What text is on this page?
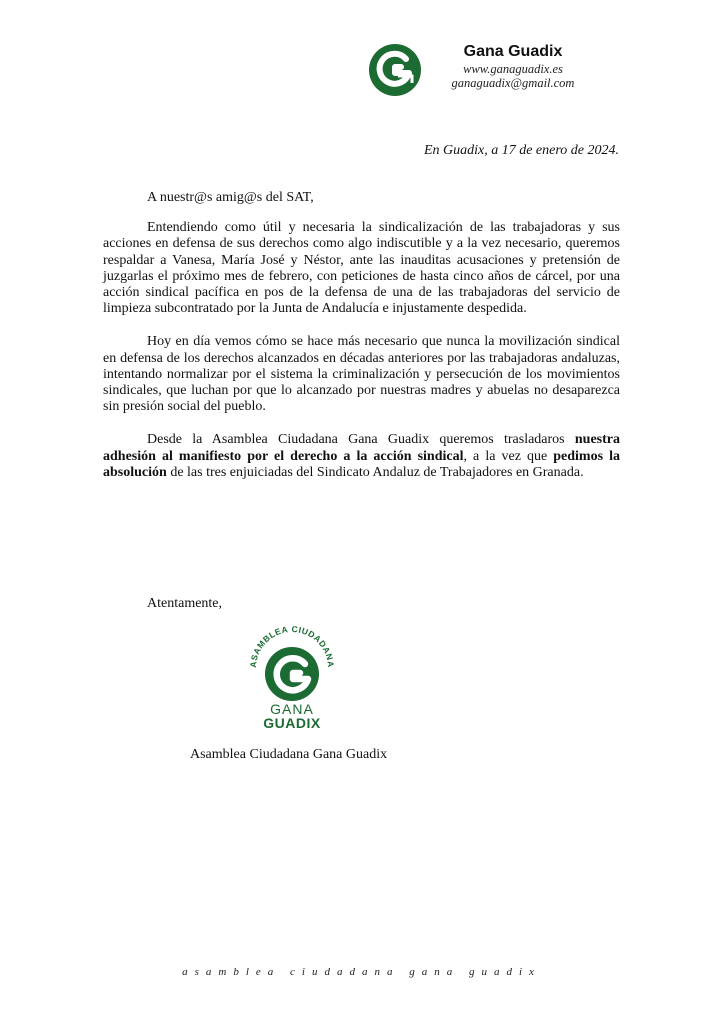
Gana Guadix
www.ganaguadix.es
ganaguadix@gmail.com
En Guadix, a 17 de enero de 2024.
A nuestr@s amig@s del SAT,

Entendiendo como útil y necesaria la sindicalización de las trabajadoras y sus acciones en defensa de sus derechos como algo indiscutible y a la vez necesario, queremos respaldar a Vanesa, María José y Néstor, ante las inauditas acusaciones y pretensión de juzgarlas el próximo mes de febrero, con peticiones de hasta cinco años de cárcel, por una acción sindical pacífica en pos de la defensa de una de las trabajadoras del servicio de limpieza subcontratado por la Junta de Andalucía e injustamente despedida.

Hoy en día vemos cómo se hace más necesario que nunca la movilización sindical en defensa de los derechos alcanzados en décadas anteriores por las trabajadoras andaluzas, intentando normalizar por el sistema la criminalización y persecución de los movimientos sindicales, que luchan por que lo alcanzado por nuestras madres y abuelas no desaparezca sin presión social del pueblo.

Desde la Asamblea Ciudadana Gana Guadix queremos trasladaros nuestra adhesión al manifiesto por el derecho a la acción sindical, a la vez que pedimos la absolución de las tres enjuiciadas del Sindicato Andaluz de Trabajadores en Granada.

Atentamente,
ASAMBLEA CIUDADANA
GANA
GUADIX
Asamblea Ciudadana Gana Guadix
asamblea ciudadana gana guadix
